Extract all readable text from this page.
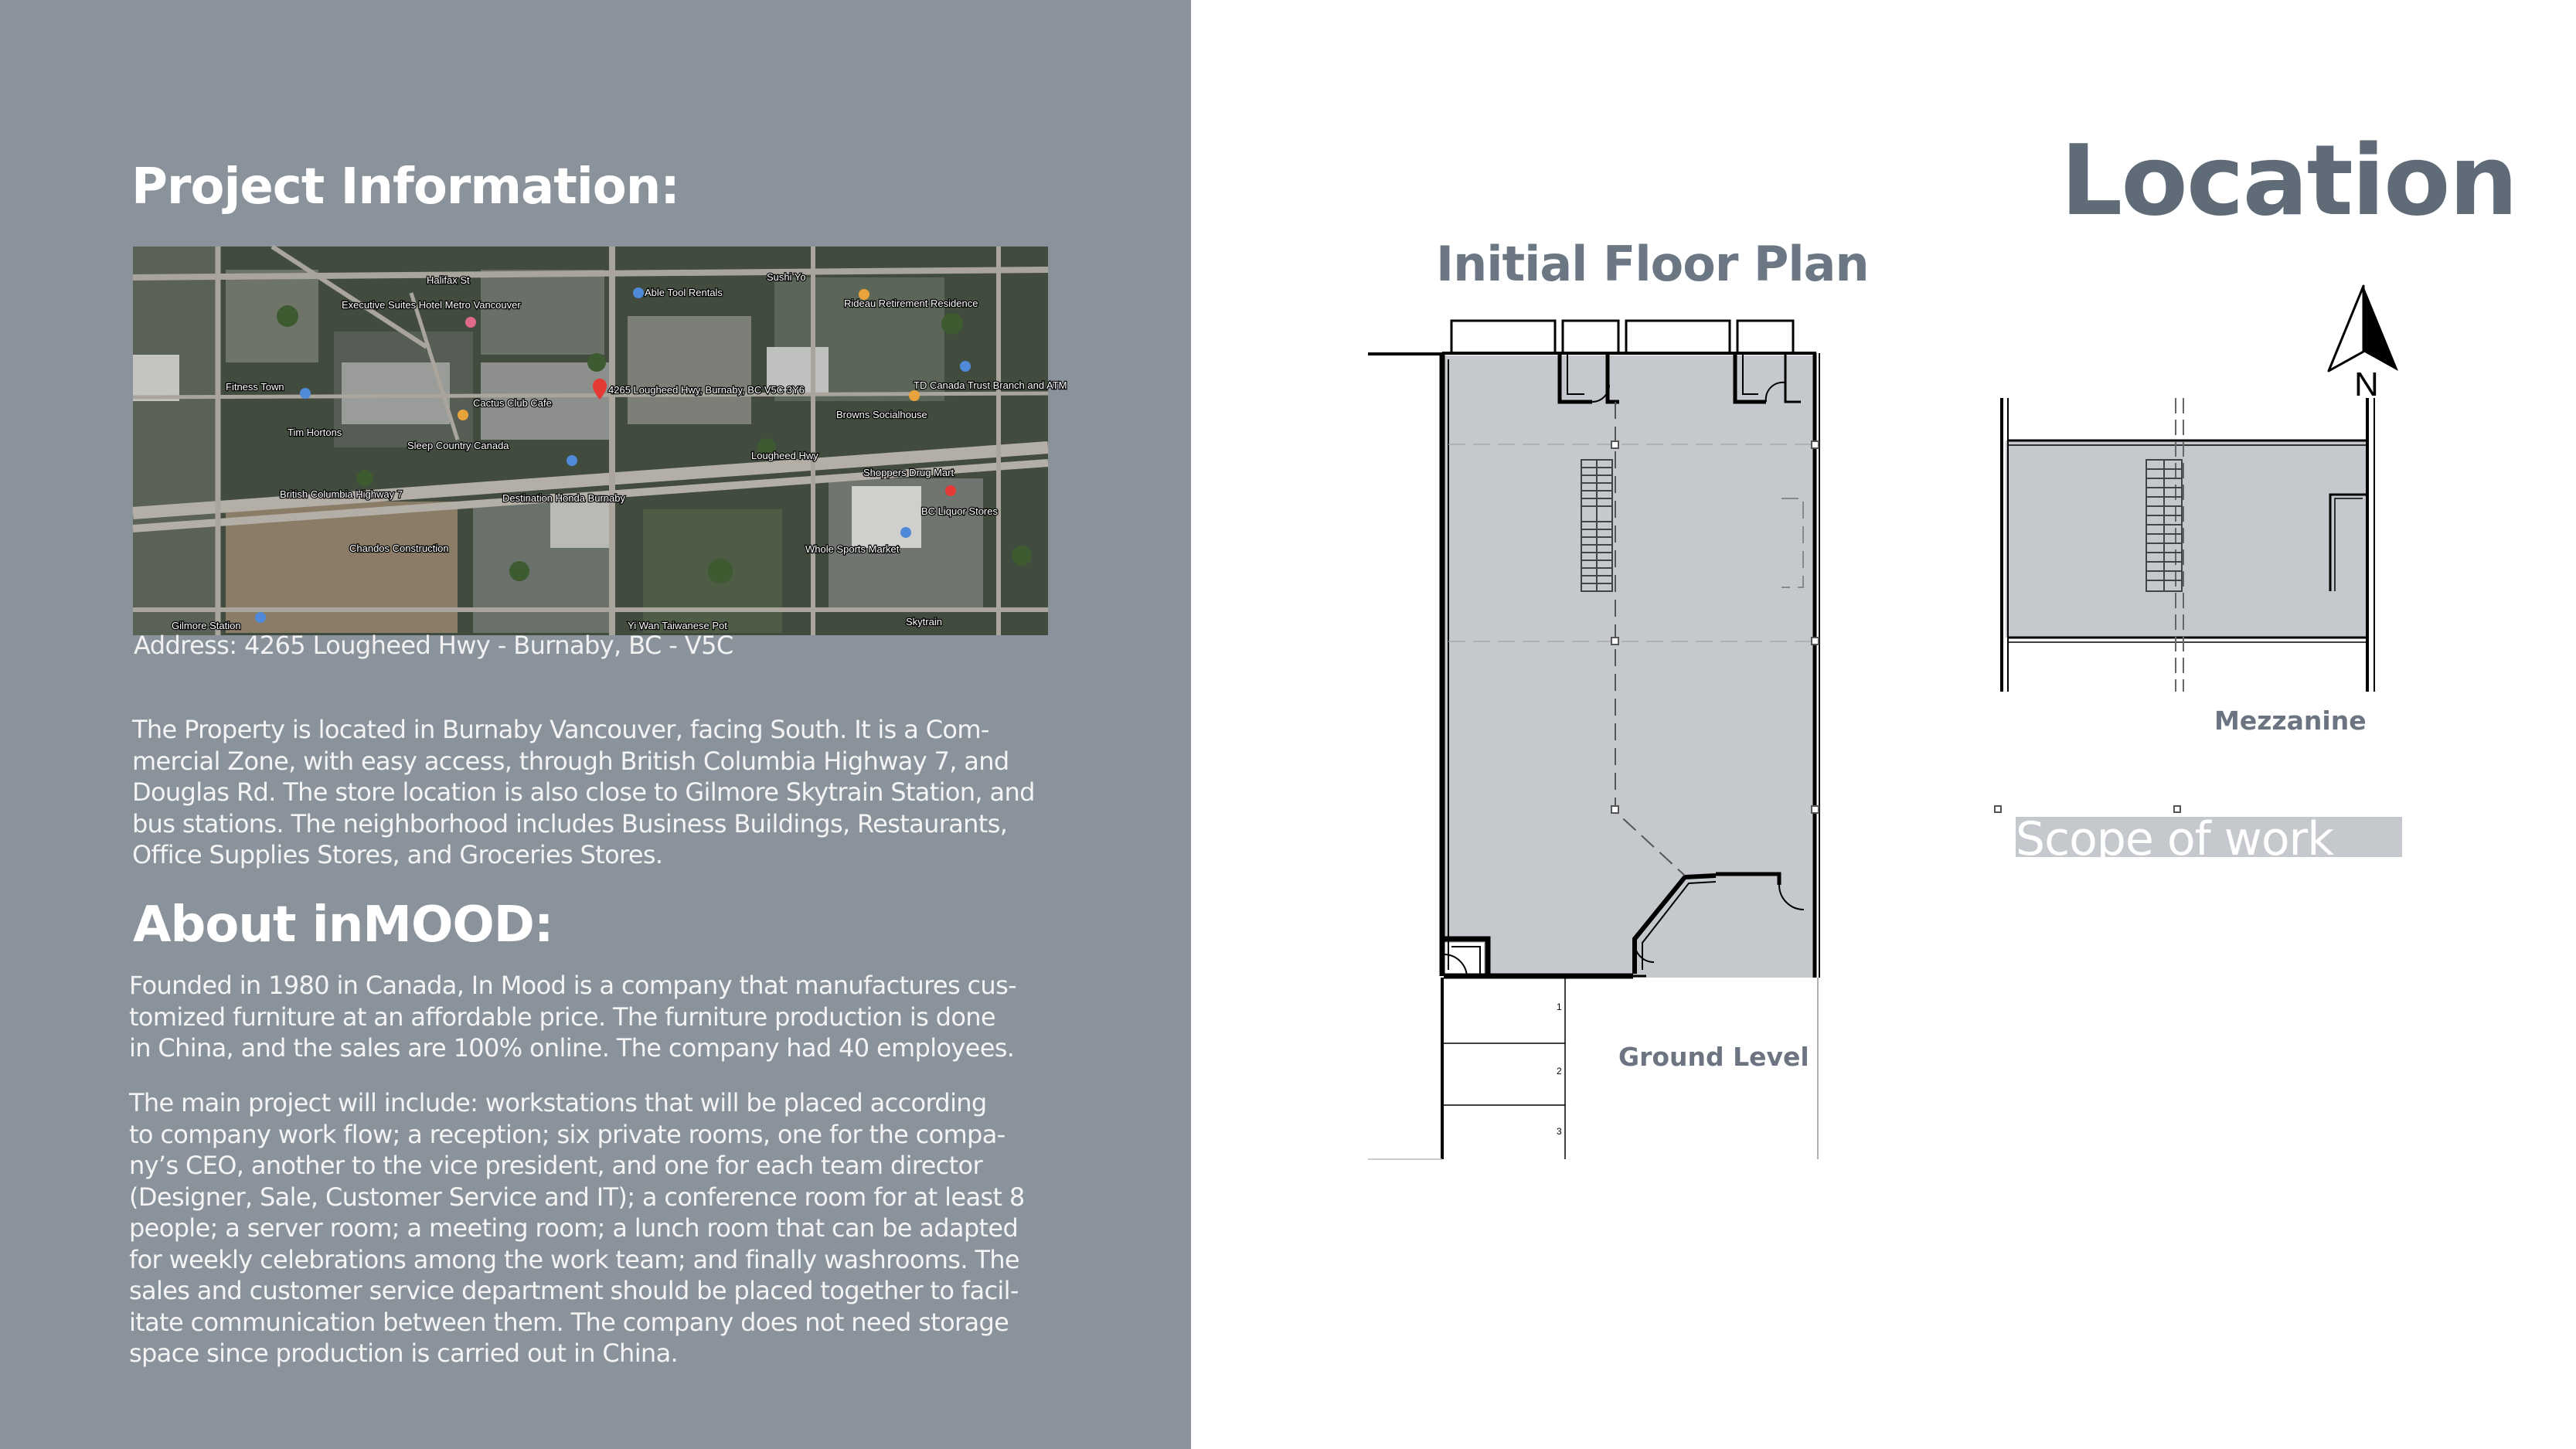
Project Information:
Halifax St
Able Tool Rentals
Sushi Yo
Rideau Retirement Residence
Executive Suites Hotel Metro Vancouver
Fitness Town
Cactus Club Cafe
Tim Hortons
Sleep Country Canada
4265 Lougheed Hwy, Burnaby, BC V5C 3Y6
Browns Socialhouse
TD Canada Trust Branch and ATM
Lougheed Hwy
British Columbia Highway 7	Destination Honda Burnaby
Shoppers Drug Mart
BC Liquor Stores
Chandos Construction	Whole Sports Market
Gilmore Station	Yi Wan Taiwanese Pot	Skytrain
Address: 4265 Lougheed Hwy - Burnaby, BC - V5C
The Property is located in Burnaby Vancouver, facing South. It is a Com-
mercial Zone, with easy access, through British Columbia Highway 7, and
Douglas Rd. The store location is also close to Gilmore Skytrain Station, and
bus stations. The neighborhood includes Business Buildings, Restaurants,
Office Supplies Stores, and Groceries Stores.
About inMOOD:
Founded in 1980 in Canada, In Mood is a company that manufactures cus-
tomized furniture at an affordable price. The furniture production is done
in China, and the sales are 100% online. The company had 40 employees.
The main project will include: workstations that will be placed according
to company work flow; a reception; six private rooms, one for the compa-
ny’s CEO, another to the vice president, and one for each team director
(Designer, Sale, Customer Service and IT); a conference room for at least 8
people; a server room; a meeting room; a lunch room that can be adapted
for weekly celebrations among the work team; and finally washrooms. The
sales and customer service department should be placed together to facil-
itate communication between them. The company does not need storage
space since production is carried out in China.
Location
Initial Floor Plan
1
2
3
Ground Level
N
Mezzanine
Scope of work
